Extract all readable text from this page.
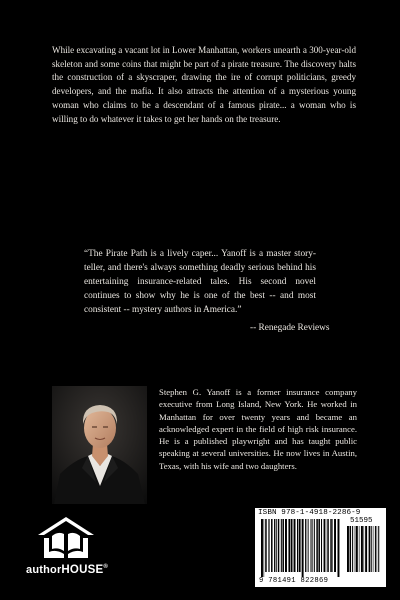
While excavating a vacant lot in Lower Manhattan, workers unearth a 300-year-old skeleton and some coins that might be part of a pirate treasure. The discovery halts the construction of a skyscraper, drawing the ire of corrupt politicians, greedy developers, and the mafia. It also attracts the attention of a mysterious young woman who claims to be a descendant of a famous pirate... a woman who is willing to do whatever it takes to get her hands on the treasure.

“The Pirate Path is a lively caper... Yanoff is a master story-teller, and there's always something deadly serious behind his entertaining insurance-related tales. His second novel continues to show why he is one of the best -- and most consistent -- mystery authors in America.”

-- Renegade Reviews

Stephen G. Yanoff is a former insurance company executive from Long Island, New York. He worked in Manhattan for over twenty years and became an acknowledged expert in the field of high risk insurance. He is a published playwright and has taught public speaking at several universities. He now lives in Austin, Texas, with his wife and two daughters.

authorHOUSE®
ISBN 978-1-4918-2286-9
51595
9 781491 822869
